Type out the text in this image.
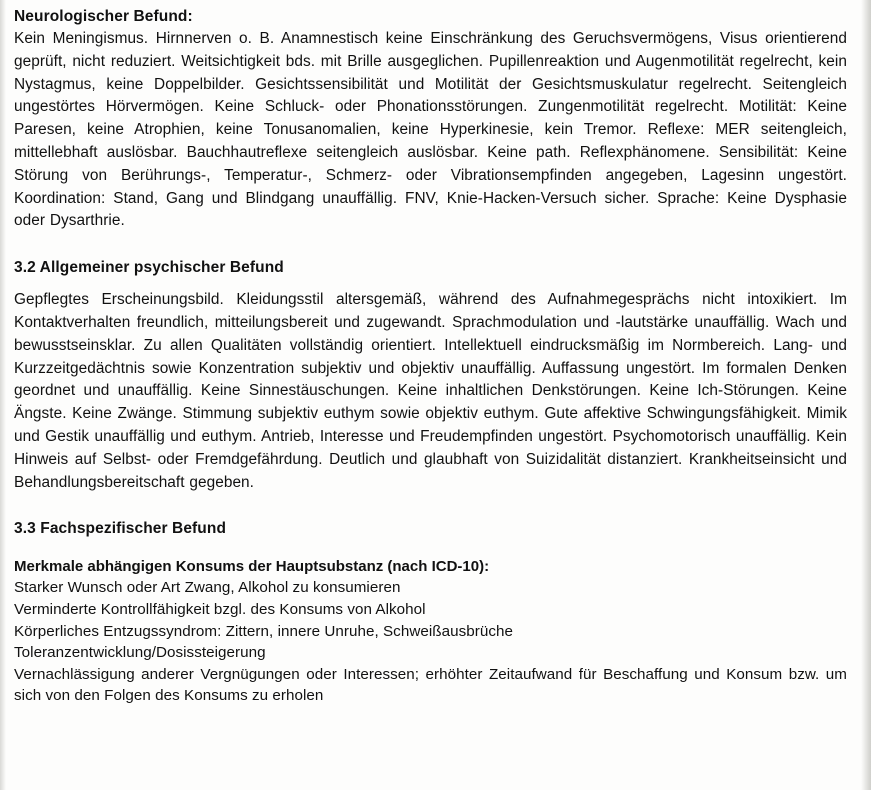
Neurologischer Befund:

Kein Meningismus. Hirnnerven o. B. Anamnestisch keine Einschränkung des Geruchsvermögens, Visus orientierend geprüft, nicht reduziert. Weitsichtigkeit bds. mit Brille ausgeglichen. Pupillenreaktion und Augenmotilität regelrecht, kein Nystagmus, keine Doppelbilder. Gesichtssensibilität und Motilität der Gesichtsmuskulatur regelrecht. Seitengleich ungestörtes Hörvermögen. Keine Schluck- oder Phonationsstörungen. Zungenmotilität regelrecht. Motilität: Keine Paresen, keine Atrophien, keine Tonusanomalien, keine Hyperkinesie, kein Tremor. Reflexe: MER seitengleich, mittellebhaft auslösbar. Bauchhautreflexe seitengleich auslösbar. Keine path. Reflexphänomene. Sensibilität: Keine Störung von Berührungs-, Temperatur-, Schmerz- oder Vibrationsempfinden angegeben, Lagesinn ungestört. Koordination: Stand, Gang und Blindgang unauffällig. FNV, Knie-Hacken-Versuch sicher. Sprache: Keine Dysphasie oder Dysarthrie.

3.2 Allgemeiner psychischer Befund

Gepflegtes Erscheinungsbild. Kleidungsstil altersgemäß, während des Aufnahmegesprächs nicht intoxikiert. Im Kontaktverhalten freundlich, mitteilungsbereit und zugewandt. Sprachmodulation und -lautstärke unauffällig. Wach und bewusstseinsklar. Zu allen Qualitäten vollständig orientiert. Intellektuell eindrucksmäßig im Normbereich. Lang- und Kurzzeitgedächtnis sowie Konzentration subjektiv und objektiv unauffällig. Auffassung ungestört. Im formalen Denken geordnet und unauffällig. Keine Sinnestäuschungen. Keine inhaltlichen Denkstörungen. Keine Ich-Störungen. Keine Ängste. Keine Zwänge. Stimmung subjektiv euthym sowie objektiv euthym. Gute affektive Schwingungsfähigkeit. Mimik und Gestik unauffällig und euthym. Antrieb, Interesse und Freudempfinden ungestört. Psychomotorisch unauffällig. Kein Hinweis auf Selbst- oder Fremdgefährdung. Deutlich und glaubhaft von Suizidalität distanziert. Krankheitseinsicht und Behandlungsbereitschaft gegeben.

3.3 Fachspezifischer Befund

Merkmale abhängigen Konsums der Hauptsubstanz (nach ICD-10):

Starker Wunsch oder Art Zwang, Alkohol zu konsumieren

Verminderte Kontrollfähigkeit bzgl. des Konsums von Alkohol

Körperliches Entzugssyndrom: Zittern, innere Unruhe, Schweißausbrüche

Toleranzentwicklung/Dosissteigerung

Vernachlässigung anderer Vergnügungen oder Interessen; erhöhter Zeitaufwand für Beschaffung und Konsum bzw. um sich von den Folgen des Konsums zu erholen
